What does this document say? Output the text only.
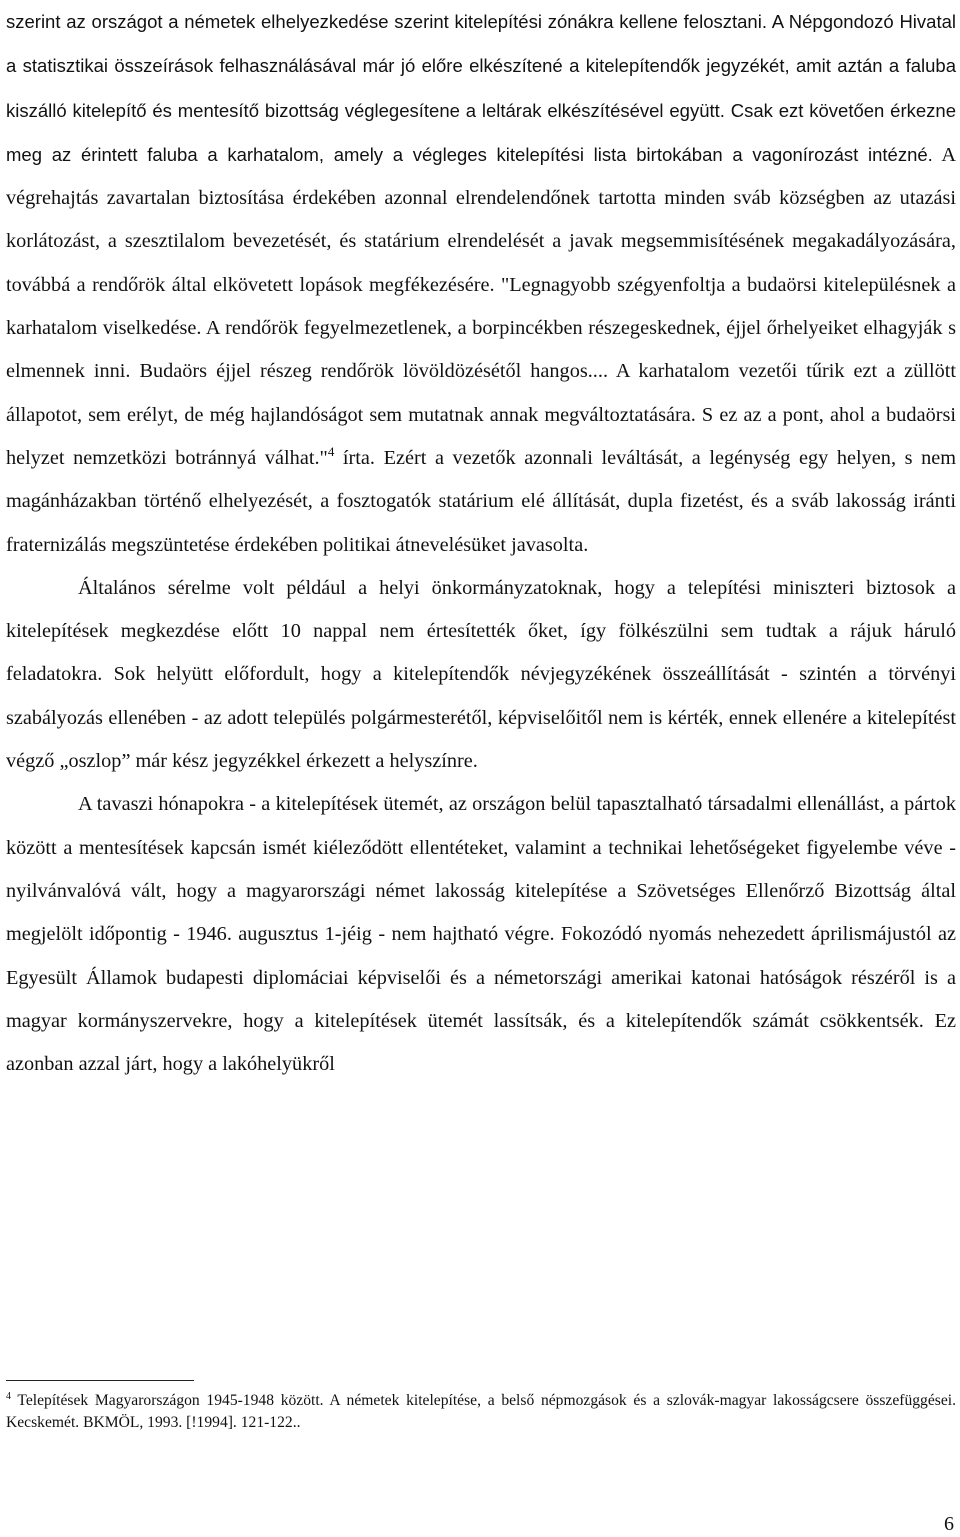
szerint az országot a németek elhelyezkedése szerint kitelepítési zónákra kellene felosztani. A Népgondozó Hivatal a statisztikai összeírások felhasználásával már jó előre elkészítené a kitelepítendők jegyzékét, amit aztán a faluba kiszálló kitelepítő és mentesítő bizottság véglegesítene a leltárak elkészítésével együtt. Csak ezt követően érkezne meg az érintett faluba a karhatalom, amely a végleges kitelepítési lista birtokában a vagonírozást intézné. A végrehajtás zavartalan biztosítása érdekében azonnal elrendelendőnek tartotta minden sváb községben az utazási korlátozást, a szesztilalom bevezetését, és statárium elrendelését a javak megsemmisítésének megakadályozására, továbbá a rendőrök által elkövetett lopások megfékezésére. "Legnagyobb szégyenfoltja a budaörsi kitelepülésnek a karhatalom viselkedése. A rendőrök fegyelmezetlenek, a borpincékben részegeskednek, éjjel őrhelyeiket elhagyják s elmennek inni. Budaörs éjjel részeg rendőrök lövöldözésétől hangos.... A karhatalom vezetői tűrik ezt a züllött állapotot, sem erélyt, de még hajlandóságot sem mutatnak annak megváltoztatására. S ez az a pont, ahol a budaörsi helyzet nemzetközi botránnyá válhat."$^4$ írta. Ezért a vezetők azonnali leváltását, a legénység egy helyen, s nem magánházakban történő elhelyezését, a fosztogatók statárium elé állítását, dupla fizetést, és a sváb lakosság iránti fraternizálás megszüntetése érdekében politikai átnevelésüket javasolta.

Általános sérelme volt például a helyi önkormányzatoknak, hogy a telepítési miniszteri biztosok a kitelepítések megkezdése előtt 10 nappal nem értesítették őket, így fölkészülni sem tudtak a rájuk háruló feladatokra. Sok helyütt előfordult, hogy a kitelepítendők névjegyzékének összeállítását - szintén a törvényi szabályozás ellenében - az adott település polgármesterétől, képviselőitől nem is kérték, ennek ellenére a kitelepítést végző „oszlop” már kész jegyzékkel érkezett a helyszínre.

A tavaszi hónapokra - a kitelepítések ütemét, az országon belül tapasztalható társadalmi ellenállást, a pártok között a mentesítések kapcsán ismét kiéleződött ellentéteket, valamint a technikai lehetőségeket figyelembe véve - nyilvánvalóvá vált, hogy a magyarországi német lakosság kitelepítése a Szövetséges Ellenőrző Bizottság által megjelölt időpontig - 1946. augusztus 1-jéig - nem hajtható végre. Fokozódó nyomás nehezedett áprilismájustól az Egyesült Államok budapesti diplomáciai képviselői és a németországi amerikai katonai hatóságok részéről is a magyar kormányszervekre, hogy a kitelepítések ütemét lassítsák, és a kitelepítendők számát csökkentsék. Ez azonban azzal járt, hogy a lakóhelyükről

$^4$ Telepítések Magyarországon 1945-1948 között. A németek kitelepítése, a belső népmozgások és a szlovák-magyar lakosságcsere összefüggései. Kecskemét. BKMÖL, 1993. [!1994]. 121-122..

6
